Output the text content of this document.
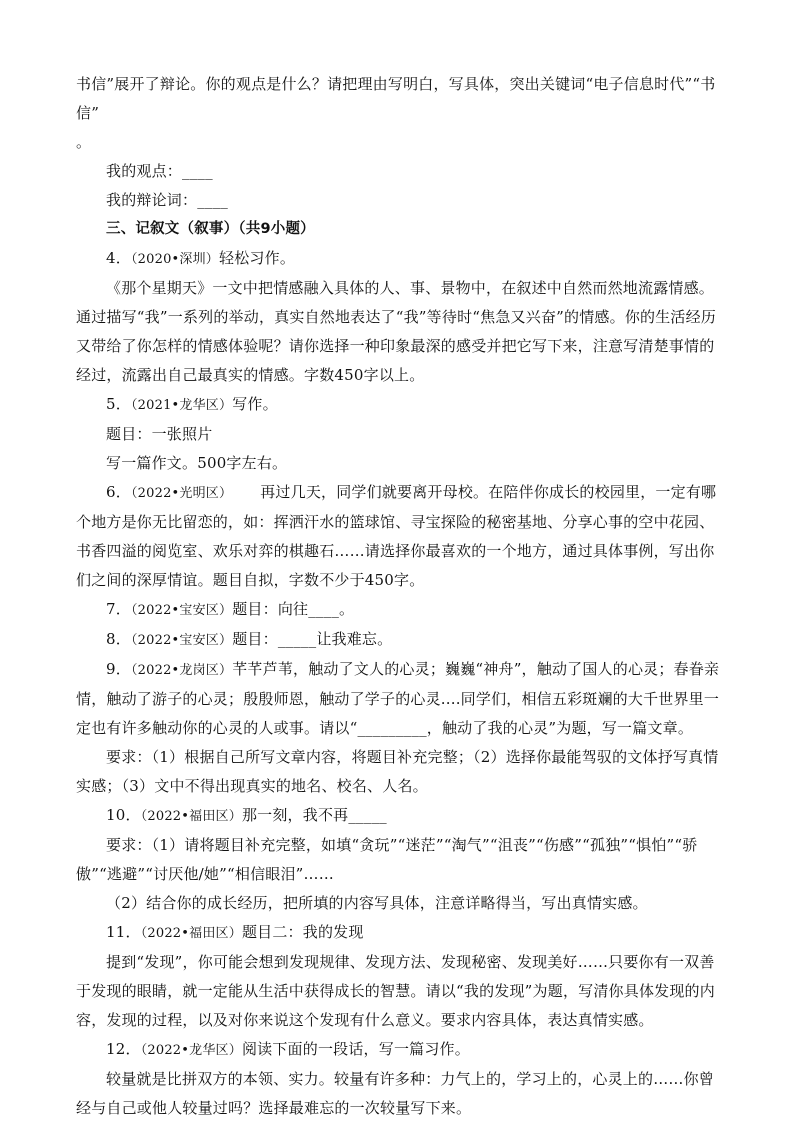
书信”展开了辩论。你的观点是什么？请把理由写明白，写具体，突出关键词“电子信息时代”“书信”

。

我的观点：____

我的辩论词：____

三、记叙文（叙事）（共9小题）

4．（2020•深圳）轻松习作。

《那个星期天》一文中把情感融入具体的人、事、景物中，在叙述中自然而然地流露情感。通过描写“我”一系列的举动，真实自然地表达了“我”等待时“焦急又兴奋”的情感。你的生活经历又带给了你怎样的情感体验呢？请你选择一种印象最深的感受并把它写下来，注意写清楚事情的经过，流露出自己最真实的情感。字数450字以上。

5．（2021•龙华区）写作。

题目：一张照片

写一篇作文。500字左右。

6．（2022•光明区） 再过几天，同学们就要离开母校。在陪伴你成长的校园里，一定有哪个地方是你无比留恋的，如：挥洒汗水的篮球馆、寻宝探险的秘密基地、分享心事的空中花园、书香四溢的阅览室、欢乐对弈的棋趣石……请选择你最喜欢的一个地方，通过具体事例，写出你们之间的深厚情谊。题目自拟，字数不少于450字。

7．（2022•宝安区）题目：向往____。

8．（2022•宝安区）题目：_____让我难忘。

9．（2022•龙岗区）芊芊芦苇，触动了文人的心灵；巍巍“神舟”，触动了国人的心灵；春眷亲情，触动了游子的心灵；殷殷师恩，触动了学子的心灵....同学们，相信五彩斑斓的大千世界里一定也有许多触动你的心灵的人或事。请以“_________，触动了我的心灵”为题，写一篇文章。

要求：（1）根据自己所写文章内容，将题目补充完整；（2）选择你最能驾驭的文体抒写真情实感；（3）文中不得出现真实的地名、校名、人名。

10．（2022•福田区）那一刻，我不再_____

要求：（1）请将题目补充完整，如填“贪玩”“迷茫”“淘气”“沮丧”“伤感”“孤独”“惧怕”“骄傲”“逃避”“讨厌他/她”“相信眼泪”……

（2）结合你的成长经历，把所填的内容写具体，注意详略得当，写出真情实感。

11．（2022•福田区）题目二：我的发现

提到“发现”，你可能会想到发现规律、发现方法、发现秘密、发现美好……只要你有一双善于发现的眼睛，就一定能从生活中获得成长的智慧。请以“我的发现”为题，写清你具体发现的内容，发现的过程，以及对你来说这个发现有什么意义。要求内容具体，表达真情实感。

12．（2022•龙华区）阅读下面的一段话，写一篇习作。

较量就是比拼双方的本领、实力。较量有许多种：力气上的，学习上的，心灵上的……你曾经与自己或他人较量过吗？选择最难忘的一次较量写下来。
